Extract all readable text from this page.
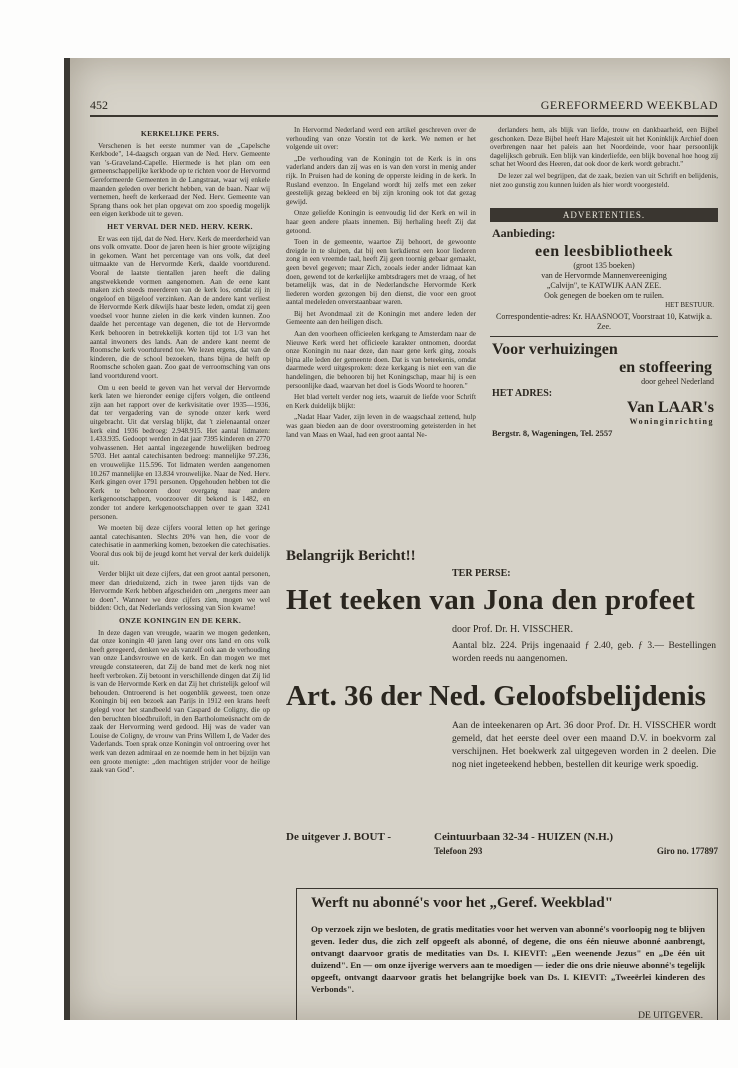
452	GEREFORMEERD WEEKBLAD
KERKELIJKE PERS.

Verschenen is het eerste nummer van de „Capelsche Kerkbode", 14-daagsch orgaan van de Ned. Herv. Gemeente van 's-Graveland-Capelle. Hiermede is het plan om een gemeenschappelijke kerkbode op te richten voor de Hervormd Gereformeerde Gemeenten in de Langstraat, waar wij enkele maanden geleden over bericht hebben, van de baan. Naar wij vernemen, heeft de kerkeraad der Ned. Herv. Gemeente van Sprang thans ook het plan opgevat om zoo spoedig mogelijk een eigen kerkbode uit te geven.

HET VERVAL DER NED. HERV. KERK.

Er was een tijd, dat de Ned. Herv. Kerk de meerderheid van ons volk omvatte. Door de jaren heen is hier groote wijziging in gekomen. Want het percentage van ons volk, dat deel uitmaakte van de Hervormde Kerk, daalde voortdurend. Vooral de laatste tientallen jaren heeft die daling angstwekkende vormen aangenomen. Aan de eene kant maken zich steeds meerderen van de kerk los, omdat zij in ongeloof en bijgeloof verzinken. Aan de andere kant verliest de Hervormde Kerk dikwijls haar beste leden, omdat zij geen voedsel voor hunne zielen in die kerk vinden kunnen. Zoo daalde het percentage van degenen, die tot de Hervormde Kerk behooren in betrekkelijk korten tijd tot 1/3 van het aantal inwoners des lands. Aan de andere kant neemt de Roomsche kerk voortdurend toe. We lezen ergens, dat van de kinderen, die de school bezoeken, thans bijna de helft op Roomsche scholen gaan. Zoo gaat de verroomsching van ons land voortdurend voort.

Om u een beeld te geven van het verval der Hervormde kerk laten we hieronder eenige cijfers volgen, die ontleend zijn aan het rapport over de kerkvisitatie over 1935—1936, dat ter vergadering van de synode onzer kerk werd uitgebracht. Uit dat verslag blijkt, dat 't zielenaantal onzer kerk eind 1936 bedroeg: 2.948.915. Het aantal lidmaten: 1.433.935. Gedoopt werden in dat jaar 7395 kinderen en 2770 volwassenen. Het aantal ingezegende huwelijken bedroeg 5703. Het aantal catechisanten bedroeg: mannelijke 97.236, en vrouwelijke 115.596. Tot lidmaten werden aangenomen 10.267 mannelijke en 13.834 vrouwelijke. Naar de Ned. Herv. Kerk gingen over 1791 personen. Opgehouden hebben tot die Kerk te behooren door overgang naar andere kerkgenootschappen, voorzoover dit bekend is 1482, en zonder tot andere kerkgenootschappen over te gaan 3241 personen.

We moeten bij deze cijfers vooral letten op het geringe aantal catechisanten. Slechts 20% van hen, die voor de catechisatie in aanmerking komen, bezoeken die catechisaties. Vooral dus ook bij de jeugd komt het verval der kerk duidelijk uit.

Verder blijkt uit deze cijfers, dat een groot aantal personen, meer dan drieduizend, zich in twee jaren tijds van de Hervormde Kerk hebben afgescheiden om „nergens meer aan te doen". Wanneer we deze cijfers zien, mogen we wel bidden: Och, dat Nederlands verlossing van Sion kwame!

ONZE KONINGIN EN DE KERK.

In deze dagen van vreugde, waarin we mogen gedenken, dat onze koningin 40 jaren lang over ons land en ons volk heeft geregeerd, denken we als vanzelf ook aan de verhouding van onze Landsvrouwe en de kerk. En dan mogen we met vreugde constateeren, dat Zij de band met de kerk nog niet heeft verbroken. Zij betoont in verschillende dingen dat Zij lid is van de Hervormde Kerk en dat Zij het christelijk geloof wil behouden. Ontroerend is het oogenblik geweest, toen onze Koningin bij een bezoek aan Parijs in 1912 een krans heeft gelegd voor het standbeeld van Caspard de Coligny, die op den beruchten bloedbruiloft, in den Bartholomeüsnacht om de zaak der Hervorming werd gedood. Hij was de vader van Louise de Coligny, de vrouw van Prins Willem I, de Vader des Vaderlands. Toen sprak onze Koningin vol ontroering over het werk van dezen admiraal en ze noemde hem in het bijzijn van een groote menigte: „den machtigen strijder voor de heilige zaak van God".

In Hervormd Nederland werd een artikel geschreven over de verhouding van onze Vorstin tot de kerk. We nemen er het volgende uit over:

„De verhouding van de Koningin tot de Kerk is in ons vaderland anders dan zij was en is van den vorst in menig ander rijk. In Pruisen had de koning de opperste leiding in de kerk. In Rusland evenzoo. In Engeland wordt hij zelfs met een zeker geestelijk gezag bekleed en bij zijn kroning ook tot dat gezag gewijd.

Onze geliefde Koningin is eenvoudig lid der Kerk en wil in haar geen andere plaats innemen. Bij herhaling heeft Zij dat getoond.

Toen in de gemeente, waartoe Zij behoort, de gewoonte dreigde in te sluipen, dat bij een kerkdienst een koor liederen zong in een vreemde taal, heeft Zij geen toornig gebaar gemaakt, geen bevel gegeven; maar Zich, zooals ieder ander lidmaat kan doen, gewend tot de kerkelijke ambtsdragers met de vraag, of het betamelijk was, dat in de Nederlandsche Hervormde Kerk liederen worden gezongen bij den dienst, die voor een groot aantal medeleden onverstaanbaar waren.

Bij het Avondmaal zit de Koningin met andere leden der Gemeente aan den heiligen disch.

Aan den voorheen officieelen kerkgang te Amsterdam naar de Nieuwe Kerk werd het officieele karakter ontnomen, doordat onze Koningin nu naar deze, dan naar gene kerk ging, zooals bijna alle leden der gemeente doen. Dat is van beteekenis, omdat daarmede werd uitgesproken: deze kerkgang is niet een van die handelingen, die behooren bij het Koningschap, maar hij is een persoonlijke daad, waarvan het doel is Gods Woord te hooren."

Het blad vertelt verder nog iets, waaruit de liefde voor Schrift en Kerk duidelijk blijkt:

„Nadat Haar Vader, zijn leven in de waagschaal zettend, hulp was gaan bieden aan de door overstrooming geteisterden in het land van Maas en Waal, had een groot aantal Ne-

derlanders hem, als blijk van liefde, trouw en dankbaarheid, een Bijbel geschonken. Deze Bijbel heeft Hare Majesteit uit het Koninklijk Archief doen overbrengen naar het paleis aan het Noordeinde, voor haar persoonlijk dagelijksch gebruik. Een blijk van kinderliefde, een blijk bovenal hoe hoog zij schat het Woord des Heeren, dat ook door de kerk wordt gebracht."

De lezer zal wel begrijpen, dat de zaak, bezien van uit Schrift en belijdenis, niet zoo gunstig zou kunnen luiden als hier wordt voorgesteld.

ADVERTENTIES.
Aanbieding:
een leesbibliotheek
(groot 135 boeken)
van de Hervormde Mannenvereeniging
„Calvijn", te KATWIJK AAN ZEE.
Ook genegen de boeken om te ruilen.
HET BESTUUR.
Correspondentie-adres: Kr. HAASNOOT, Voorstraat 10, Katwijk a. Zee.
Voor verhuizingen
en stoffeering
door geheel Nederland
HET ADRES:
Van LAAR's
Woninginrichting
Bergstr. 8, Wageningen, Tel. 2557
Belangrijk Bericht!!
TER PERSE:
Het teeken van Jona den profeet
door Prof. Dr. H. VISSCHER.
Aantal blz. 224. Prijs ingenaaid ƒ 2.40, geb. ƒ 3.— Bestellingen worden reeds nu aangenomen.
Art. 36 der Ned. Geloofsbelijdenis
Aan de inteekenaren op Art. 36 door Prof. Dr. H. VISSCHER wordt gemeld, dat het eerste deel over een maand D.V. in boekvorm zal verschijnen. Het boekwerk zal uitgegeven worden in 2 deelen. Die nog niet ingeteekend hebben, bestellen dit keurige werk spoedig.
De uitgever J. BOUT -	Ceintuurbaan 32-34 - HUIZEN (N.H.)
Telefoon 293	Giro no. 177897
Werft nu abonné's voor het „Geref. Weekblad"
Op verzoek zijn we besloten, de gratis meditaties voor het werven van abonné's voorloopig nog te blijven geven. Ieder dus, die zich zelf opgeeft als abonné, of degene, die ons één nieuwe abonné aanbrengt, ontvangt daarvoor gratis de meditaties van Ds. I. KIEVIT: „Een weenende Jezus" en „De één uit duizend". En — om onze ijverige wervers aan te moedigen — ieder die ons drie nieuwe abonné's tegelijk opgeeft, ontvangt daarvoor gratis het belangrijke boek van Ds. I. KIEVIT: „Tweeërlei kinderen des Verbonds".
DE UITGEVER.
